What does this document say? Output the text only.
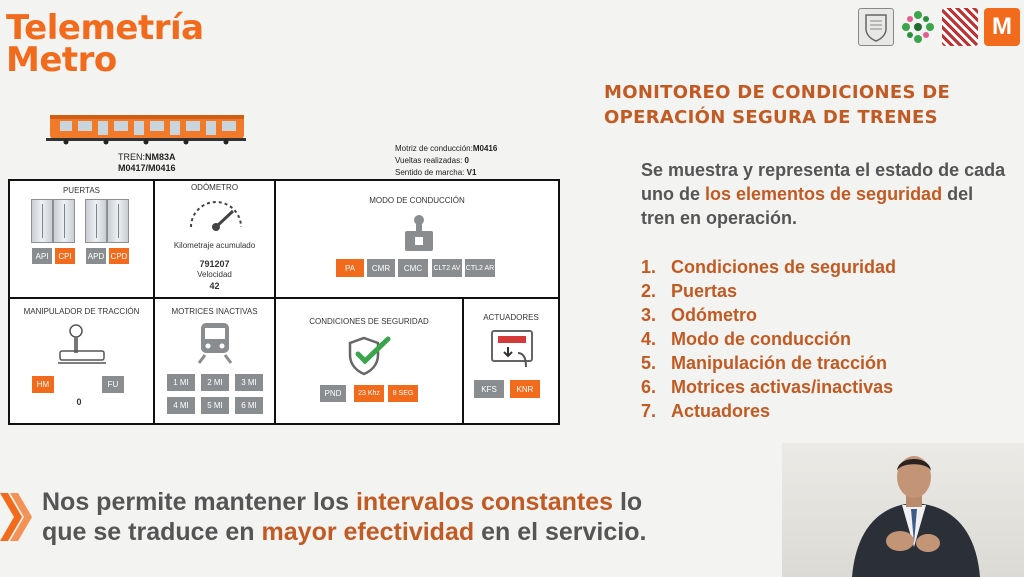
Telemetría
Metro
M
TREN:NM83A
M0417/M0416
Motriz de conducción:M0416
Vueltas realizadas: 0
Sentido de marcha: V1
PUERTAS
API	CPI	APD CPD
ODÓMETRO
Kilometraje acumulado
791207
Velocidad
42
MODO DE CONDUCCIÓN
PA	CMR	CMC	CLT2 AV CTL2 AR
MANIPULADOR DE TRACCIÓN
HM	FU
0
MOTRICES INACTIVAS
1 MI	2 MI	3 MI
4 MI	5 MI	6 MI
CONDICIONES DE SEGURIDAD
PND	23 Khz	8 SEG
ACTUADORES
KFS	KNR
MONITOREO DE CONDICIONES DE
OPERACIÓN SEGURA DE TRENES
Se muestra y representa el estado de cada uno de los elementos de seguridad del tren en operación.
1. Condiciones de seguridad
2. Puertas
3. Odómetro
4. Modo de conducción
5. Manipulación de tracción
6. Motrices activas/inactivas
7. Actuadores
Nos permite mantener los intervalos constantes lo que se traduce en mayor efectividad en el servicio.
